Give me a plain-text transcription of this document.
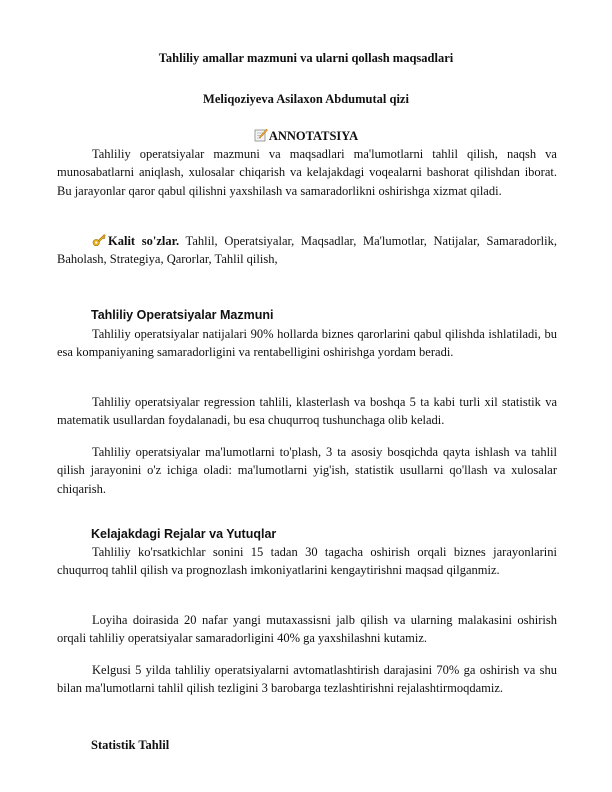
Tahliliy amallar mazmuni va ularni qollash maqsadlari
Meliqoziyeva Asilaxon Abdumutal qizi
ANNOTATSIYA
Tahliliy operatsiyalar mazmuni va maqsadlari ma'lumotlarni tahlil qilish, naqsh va munosabatlarni aniqlash, xulosalar chiqarish va kelajakdagi voqealarni bashorat qilishdan iborat. Bu jarayonlar qaror qabul qilishni yaxshilash va samaradorlikni oshirishga xizmat qiladi.
Kalit so'zlar. Tahlil, Operatsiyalar, Maqsadlar, Ma'lumotlar, Natijalar, Samaradorlik, Baholash, Strategiya, Qarorlar, Tahlil qilish,
Tahliliy Operatsiyalar Mazmuni
Tahliliy operatsiyalar natijalari 90% hollarda biznes qarorlarini qabul qilishda ishlatiladi, bu esa kompaniyaning samaradorligini va rentabelligini oshirishga yordam beradi.
Tahliliy operatsiyalar regression tahlili, klasterlash va boshqa 5 ta kabi turli xil statistik va matematik usullardan foydalanadi, bu esa chuqurroq tushunchaga olib keladi.
Tahliliy operatsiyalar ma'lumotlarni to'plash, 3 ta asosiy bosqichda qayta ishlash va tahlil qilish jarayonini o'z ichiga oladi: ma'lumotlarni yig'ish, statistik usullarni qo'llash va xulosalar chiqarish.
Kelajakdagi Rejalar va Yutuqlar
Tahliliy ko'rsatkichlar sonini 15 tadan 30 tagacha oshirish orqali biznes jarayonlarini chuqurroq tahlil qilish va prognozlash imkoniyatlarini kengaytirishni maqsad qilganmiz.
Loyiha doirasida 20 nafar yangi mutaxassisni jalb qilish va ularning malakasini oshirish orqali tahliliy operatsiyalar samaradorligini 40% ga yaxshilashni kutamiz.
Kelgusi 5 yilda tahliliy operatsiyalarni avtomatlashtirish darajasini 70% ga oshirish va shu bilan ma'lumotlarni tahlil qilish tezligini 3 barobarga tezlashtirishni rejalashtirmoqdamiz.
Statistik Tahlil
